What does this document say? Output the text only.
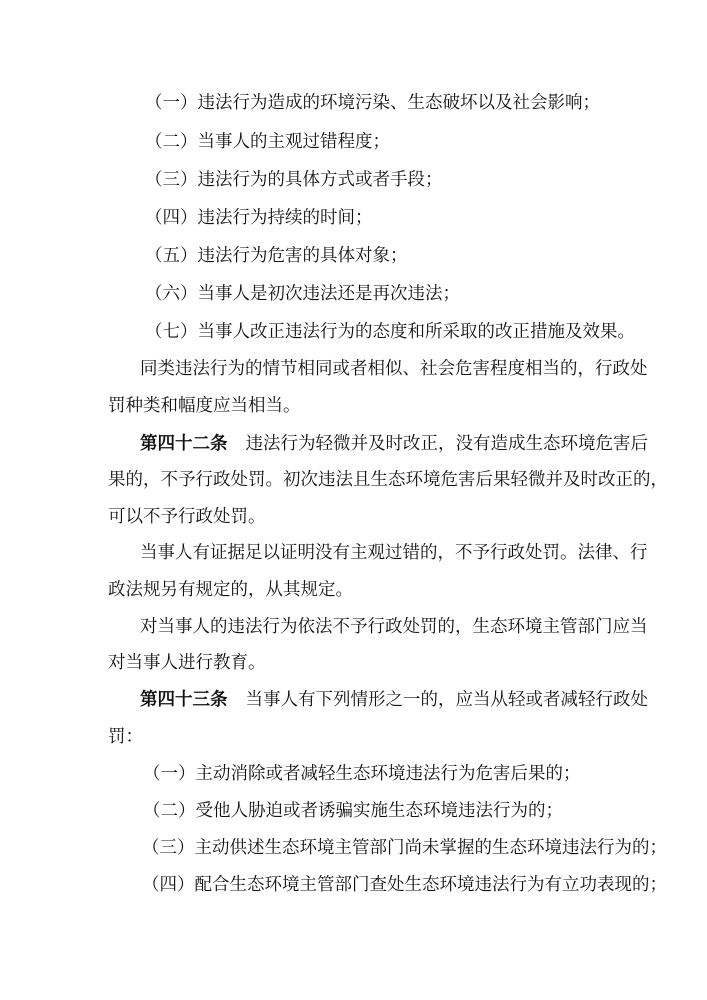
（一）违法行为造成的环境污染、生态破坏以及社会影响；
（二）当事人的主观过错程度；
（三）违法行为的具体方式或者手段；
（四）违法行为持续的时间；
（五）违法行为危害的具体对象；
（六）当事人是初次违法还是再次违法；
（七）当事人改正违法行为的态度和所采取的改正措施及效果。
同类违法行为的情节相同或者相似、社会危害程度相当的，行政处
罚种类和幅度应当相当。
第四十二条 违法行为轻微并及时改正，没有造成生态环境危害后
果的，不予行政处罚。初次违法且生态环境危害后果轻微并及时改正的，
可以不予行政处罚。
当事人有证据足以证明没有主观过错的，不予行政处罚。法律、行
政法规另有规定的，从其规定。
对当事人的违法行为依法不予行政处罚的，生态环境主管部门应当
对当事人进行教育。
第四十三条 当事人有下列情形之一的，应当从轻或者减轻行政处
罚：
（一）主动消除或者减轻生态环境违法行为危害后果的；
（二）受他人胁迫或者诱骗实施生态环境违法行为的；
（三）主动供述生态环境主管部门尚未掌握的生态环境违法行为的；
（四）配合生态环境主管部门查处生态环境违法行为有立功表现的；
